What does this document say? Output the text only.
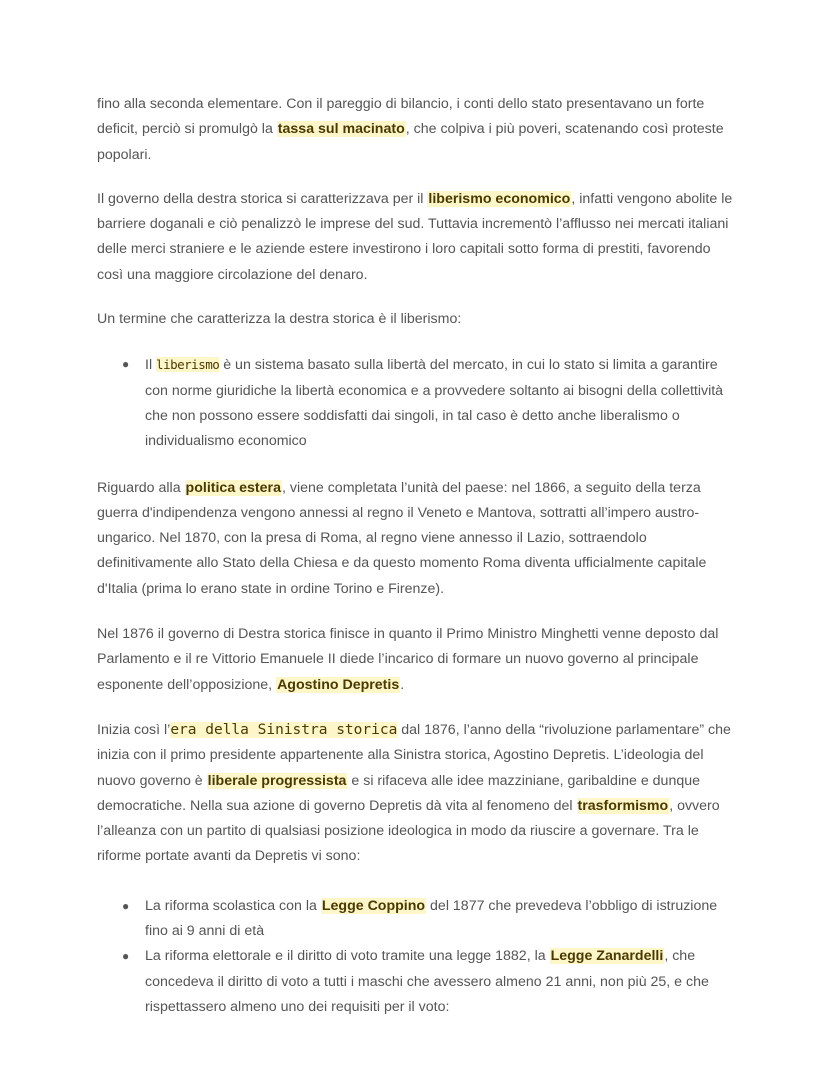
fino alla seconda elementare. Con il pareggio di bilancio, i conti dello stato presentavano un forte deficit, perciò si promulgò la tassa sul macinato, che colpiva i più poveri, scatenando così proteste popolari.

Il governo della destra storica si caratterizzava per il liberismo economico, infatti vengono abolite le barriere doganali e ciò penalizzò le imprese del sud. Tuttavia incrementò l’afflusso nei mercati italiani delle merci straniere e le aziende estere investirono i loro capitali sotto forma di prestiti, favorendo così una maggiore circolazione del denaro.

Un termine che caratterizza la destra storica è il liberismo:

● Il liberismo è un sistema basato sulla libertà del mercato, in cui lo stato si limita a garantire con norme giuridiche la libertà economica e a provvedere soltanto ai bisogni della collettività che non possono essere soddisfatti dai singoli, in tal caso è detto anche liberalismo o individualismo economico

Riguardo alla politica estera, viene completata l’unità del paese: nel 1866, a seguito della terza guerra d'indipendenza vengono annessi al regno il Veneto e Mantova, sottratti all’impero austro-ungarico. Nel 1870, con la presa di Roma, al regno viene annesso il Lazio, sottraendolo definitivamente allo Stato della Chiesa e da questo momento Roma diventa ufficialmente capitale d'Italia (prima lo erano state in ordine Torino e Firenze).

Nel 1876 il governo di Destra storica finisce in quanto il Primo Ministro Minghetti venne deposto dal Parlamento e il re Vittorio Emanuele II diede l’incarico di formare un nuovo governo al principale esponente dell’opposizione, Agostino Depretis.

Inizia così l’era della Sinistra storica dal 1876, l’anno della “rivoluzione parlamentare” che inizia con il primo presidente appartenente alla Sinistra storica, Agostino Depretis. L’ideologia del nuovo governo è liberale progressista e si rifaceva alle idee mazziniane, garibaldine e dunque democratiche. Nella sua azione di governo Depretis dà vita al fenomeno del trasformismo, ovvero l’alleanza con un partito di qualsiasi posizione ideologica in modo da riuscire a governare. Tra le riforme portate avanti da Depretis vi sono:

● La riforma scolastica con la Legge Coppino del 1877 che prevedeva l’obbligo di istruzione fino ai 9 anni di età
● La riforma elettorale e il diritto di voto tramite una legge 1882, la Legge Zanardelli, che concedeva il diritto di voto a tutti i maschi che avessero almeno 21 anni, non più 25, e che rispettassero almeno uno dei requisiti per il voto:
